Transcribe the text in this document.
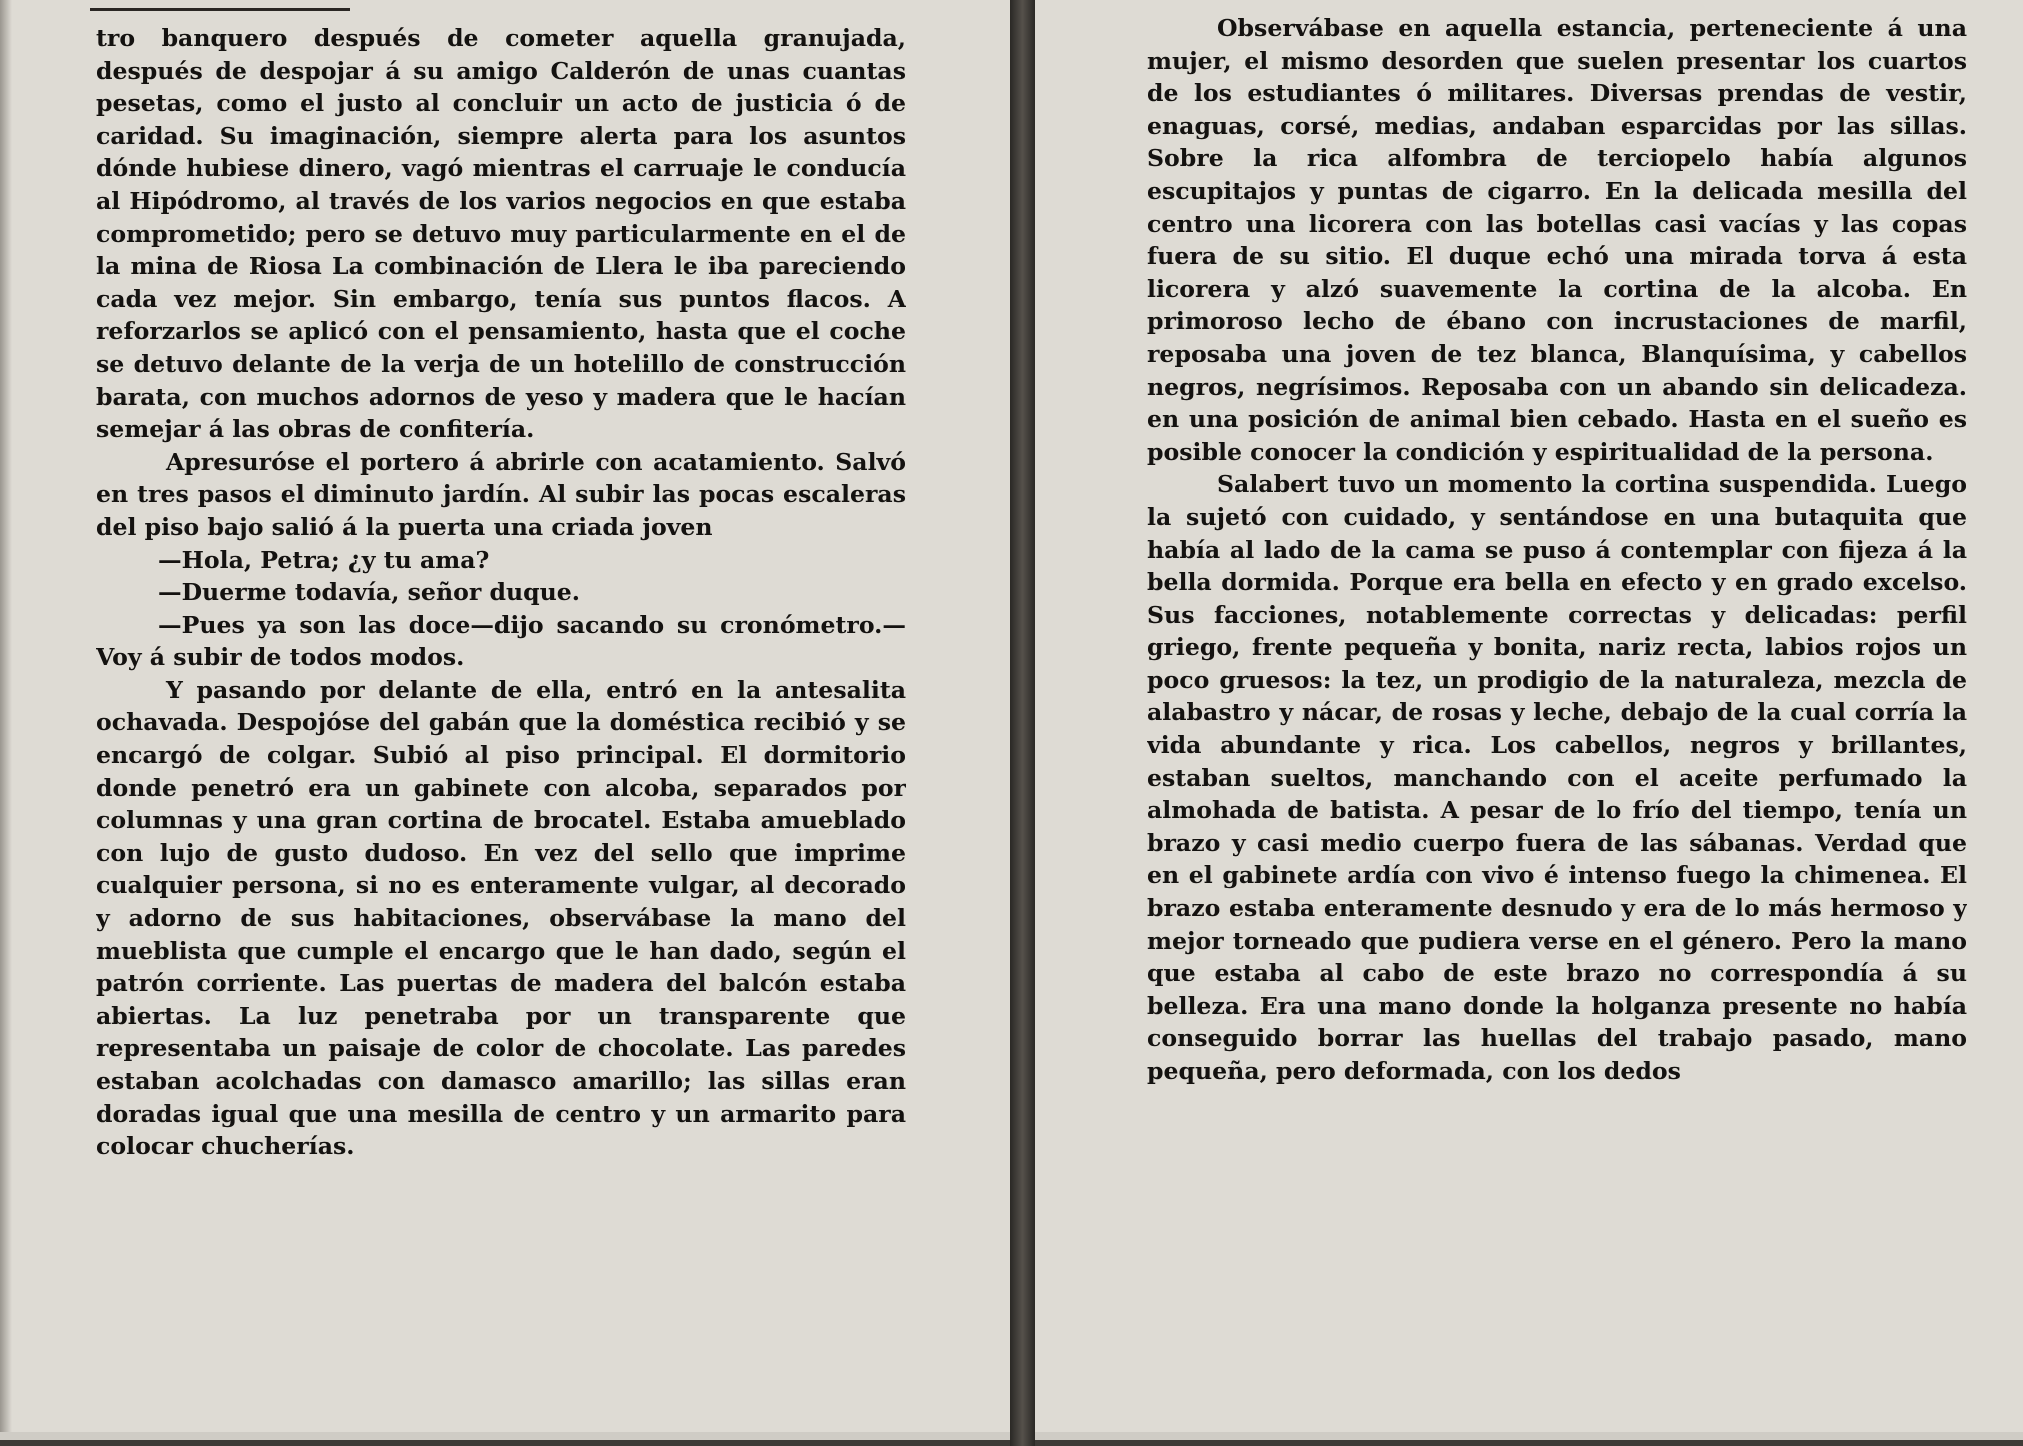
tro banquero después de cometer aquella granujada, después de despojar á su amigo Calderón de unas cuantas pesetas, como el justo al concluir un acto de justicia ó de caridad. Su imaginación, siempre alerta para los asuntos dónde hubiese dinero, vagó mientras el carruaje le conducía al Hipódromo, al través de los varios negocios en que estaba comprometido; pero se detuvo muy particularmente en el de la mina de Riosa La combinación de Llera le iba pareciendo cada vez mejor. Sin embargo, tenía sus puntos flacos. A reforzarlos se aplicó con el pensamiento, hasta que el coche se detuvo delante de la verja de un hotelillo de construcción barata, con muchos adornos de yeso y madera que le hacían semejar á las obras de confitería.

Apresuróse el portero á abrirle con acatamiento. Salvó en tres pasos el diminuto jardín. Al subir las pocas escaleras del piso bajo salió á la puerta una criada joven

—Hola, Petra; ¿y tu ama?

—Duerme todavía, señor duque.

—Pues ya son las doce—dijo sacando su cronómetro.—Voy á subir de todos modos.

Y pasando por delante de ella, entró en la antesalita ochavada. Despojóse del gabán que la doméstica recibió y se encargó de colgar. Subió al piso principal. El dormitorio donde penetró era un gabinete con alcoba, separados por columnas y una gran cortina de brocatel. Estaba amueblado con lujo de gusto dudoso. En vez del sello que imprime cualquier persona, si no es enteramente vulgar, al decorado y adorno de sus habitaciones, observábase la mano del mueblista que cumple el encargo que le han dado, según el patrón corriente. Las puertas de madera del balcón estaba abiertas. La luz penetraba por un transparente que representaba un paisaje de color de chocolate. Las paredes estaban acolchadas con damasco amarillo; las sillas eran doradas igual que una mesilla de centro y un armarito para colocar chucherías.

Observábase en aquella estancia, perteneciente á una mujer, el mismo desorden que suelen presentar los cuartos de los estudiantes ó militares. Diversas prendas de vestir, enaguas, corsé, medias, andaban esparcidas por las sillas. Sobre la rica alfombra de terciopelo había algunos escupitajos y puntas de cigarro. En la delicada mesilla del centro una licorera con las botellas casi vacías y las copas fuera de su sitio. El duque echó una mirada torva á esta licorera y alzó suavemente la cortina de la alcoba. En primoroso lecho de ébano con incrustaciones de marfil, reposaba una joven de tez blanca, Blanquísima, y cabellos negros, negrísimos. Reposaba con un abando sin delicadeza. en una posición de animal bien cebado. Hasta en el sueño es posible conocer la condición y espiritualidad de la persona.

Salabert tuvo un momento la cortina suspendida. Luego la sujetó con cuidado, y sentándose en una butaquita que había al lado de la cama se puso á contemplar con fijeza á la bella dormida. Porque era bella en efecto y en grado excelso. Sus facciones, notablemente correctas y delicadas: perfil griego, frente pequeña y bonita, nariz recta, labios rojos un poco gruesos: la tez, un prodigio de la naturaleza, mezcla de alabastro y nácar, de rosas y leche, debajo de la cual corría la vida abundante y rica. Los cabellos, negros y brillantes, estaban sueltos, manchando con el aceite perfumado la almohada de batista. A pesar de lo frío del tiempo, tenía un brazo y casi medio cuerpo fuera de las sábanas. Verdad que en el gabinete ardía con vivo é intenso fuego la chimenea. El brazo estaba enteramente desnudo y era de lo más hermoso y mejor torneado que pudiera verse en el género. Pero la mano que estaba al cabo de este brazo no correspondía á su belleza. Era una mano donde la holganza presente no había conseguido borrar las huellas del trabajo pasado, mano pequeña, pero deformada, con los dedos
